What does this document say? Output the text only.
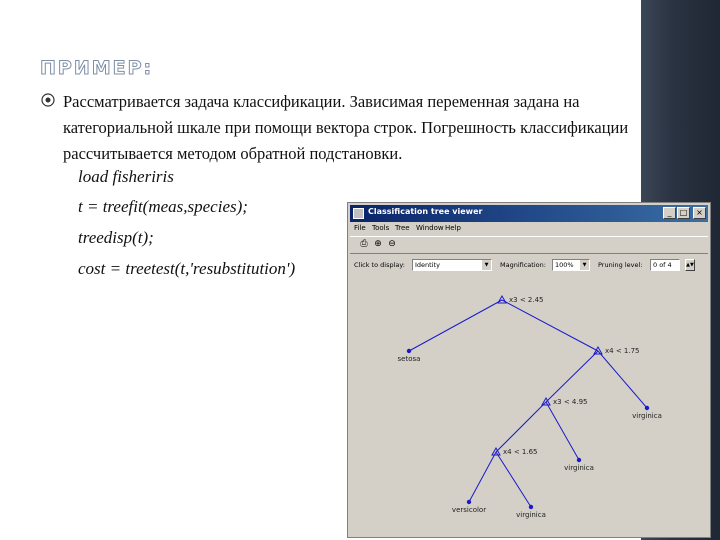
ПРИМЕР:
Рассматривается задача классификации. Зависимая переменная задана на категориальной шкале при помощи вектора строк. Погрешность классификации рассчитывается методом обратной подстановки.
load fisheriris
t = treefit(meas,species);
treedisp(t);
cost = treetest(t,'resubstitution')
Classification tree viewer	_	□	×
File Tools Tree Window Help
⎙ ⊕ ⊖
Click to display:	Identity	▼	Magnification:	100%	▼	Pruning level:	0 of 4	▲▼
x3 < 2.45
setosa
x4 < 1.75
x3 < 4.95
virginica
x4 < 1.65
virginica
versicolor
virginica
